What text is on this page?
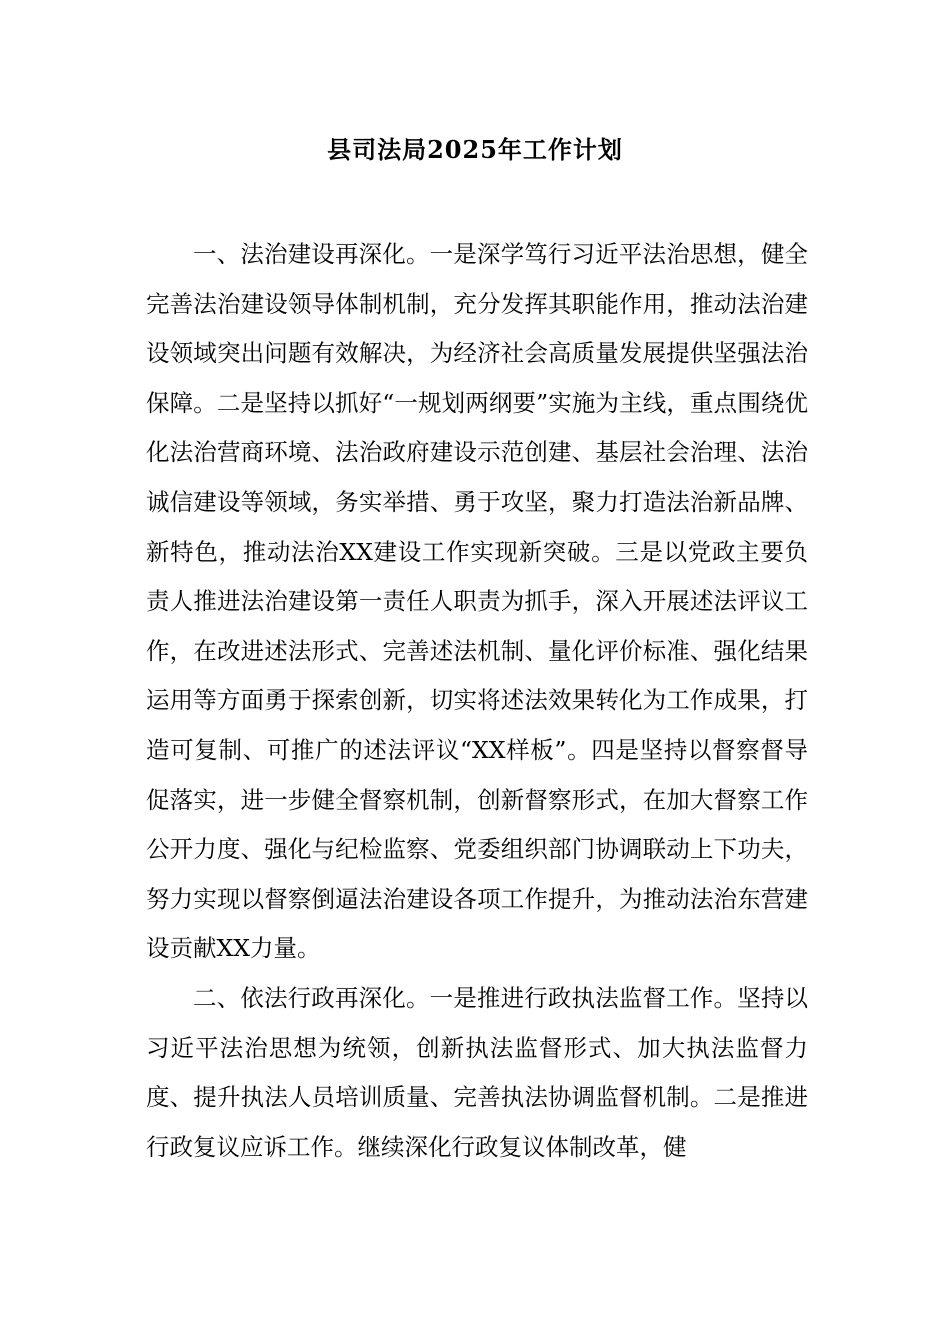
县司法局2025年工作计划

一、法治建设再深化。一是深学笃行习近平法治思想，健全完善法治建设领导体制机制，充分发挥其职能作用，推动法治建设领域突出问题有效解决，为经济社会高质量发展提供坚强法治保障。二是坚持以抓好“一规划两纲要”实施为主线，重点围绕优化法治营商环境、法治政府建设示范创建、基层社会治理、法治诚信建设等领域，务实举措、勇于攻坚，聚力打造法治新品牌、新特色，推动法治XX建设工作实现新突破。三是以党政主要负责人推进法治建设第一责任人职责为抓手，深入开展述法评议工作，在改进述法形式、完善述法机制、量化评价标准、强化结果运用等方面勇于探索创新，切实将述法效果转化为工作成果，打造可复制、可推广的述法评议“XX样板”。四是坚持以督察督导促落实，进一步健全督察机制，创新督察形式，在加大督察工作公开力度、强化与纪检监察、党委组织部门协调联动上下功夫，努力实现以督察倒逼法治建设各项工作提升，为推动法治东营建设贡献XX力量。

二、依法行政再深化。一是推进行政执法监督工作。坚持以习近平法治思想为统领，创新执法监督形式、加大执法监督力度、提升执法人员培训质量、完善执法协调监督机制。二是推进行政复议应诉工作。继续深化行政复议体制改革，健
